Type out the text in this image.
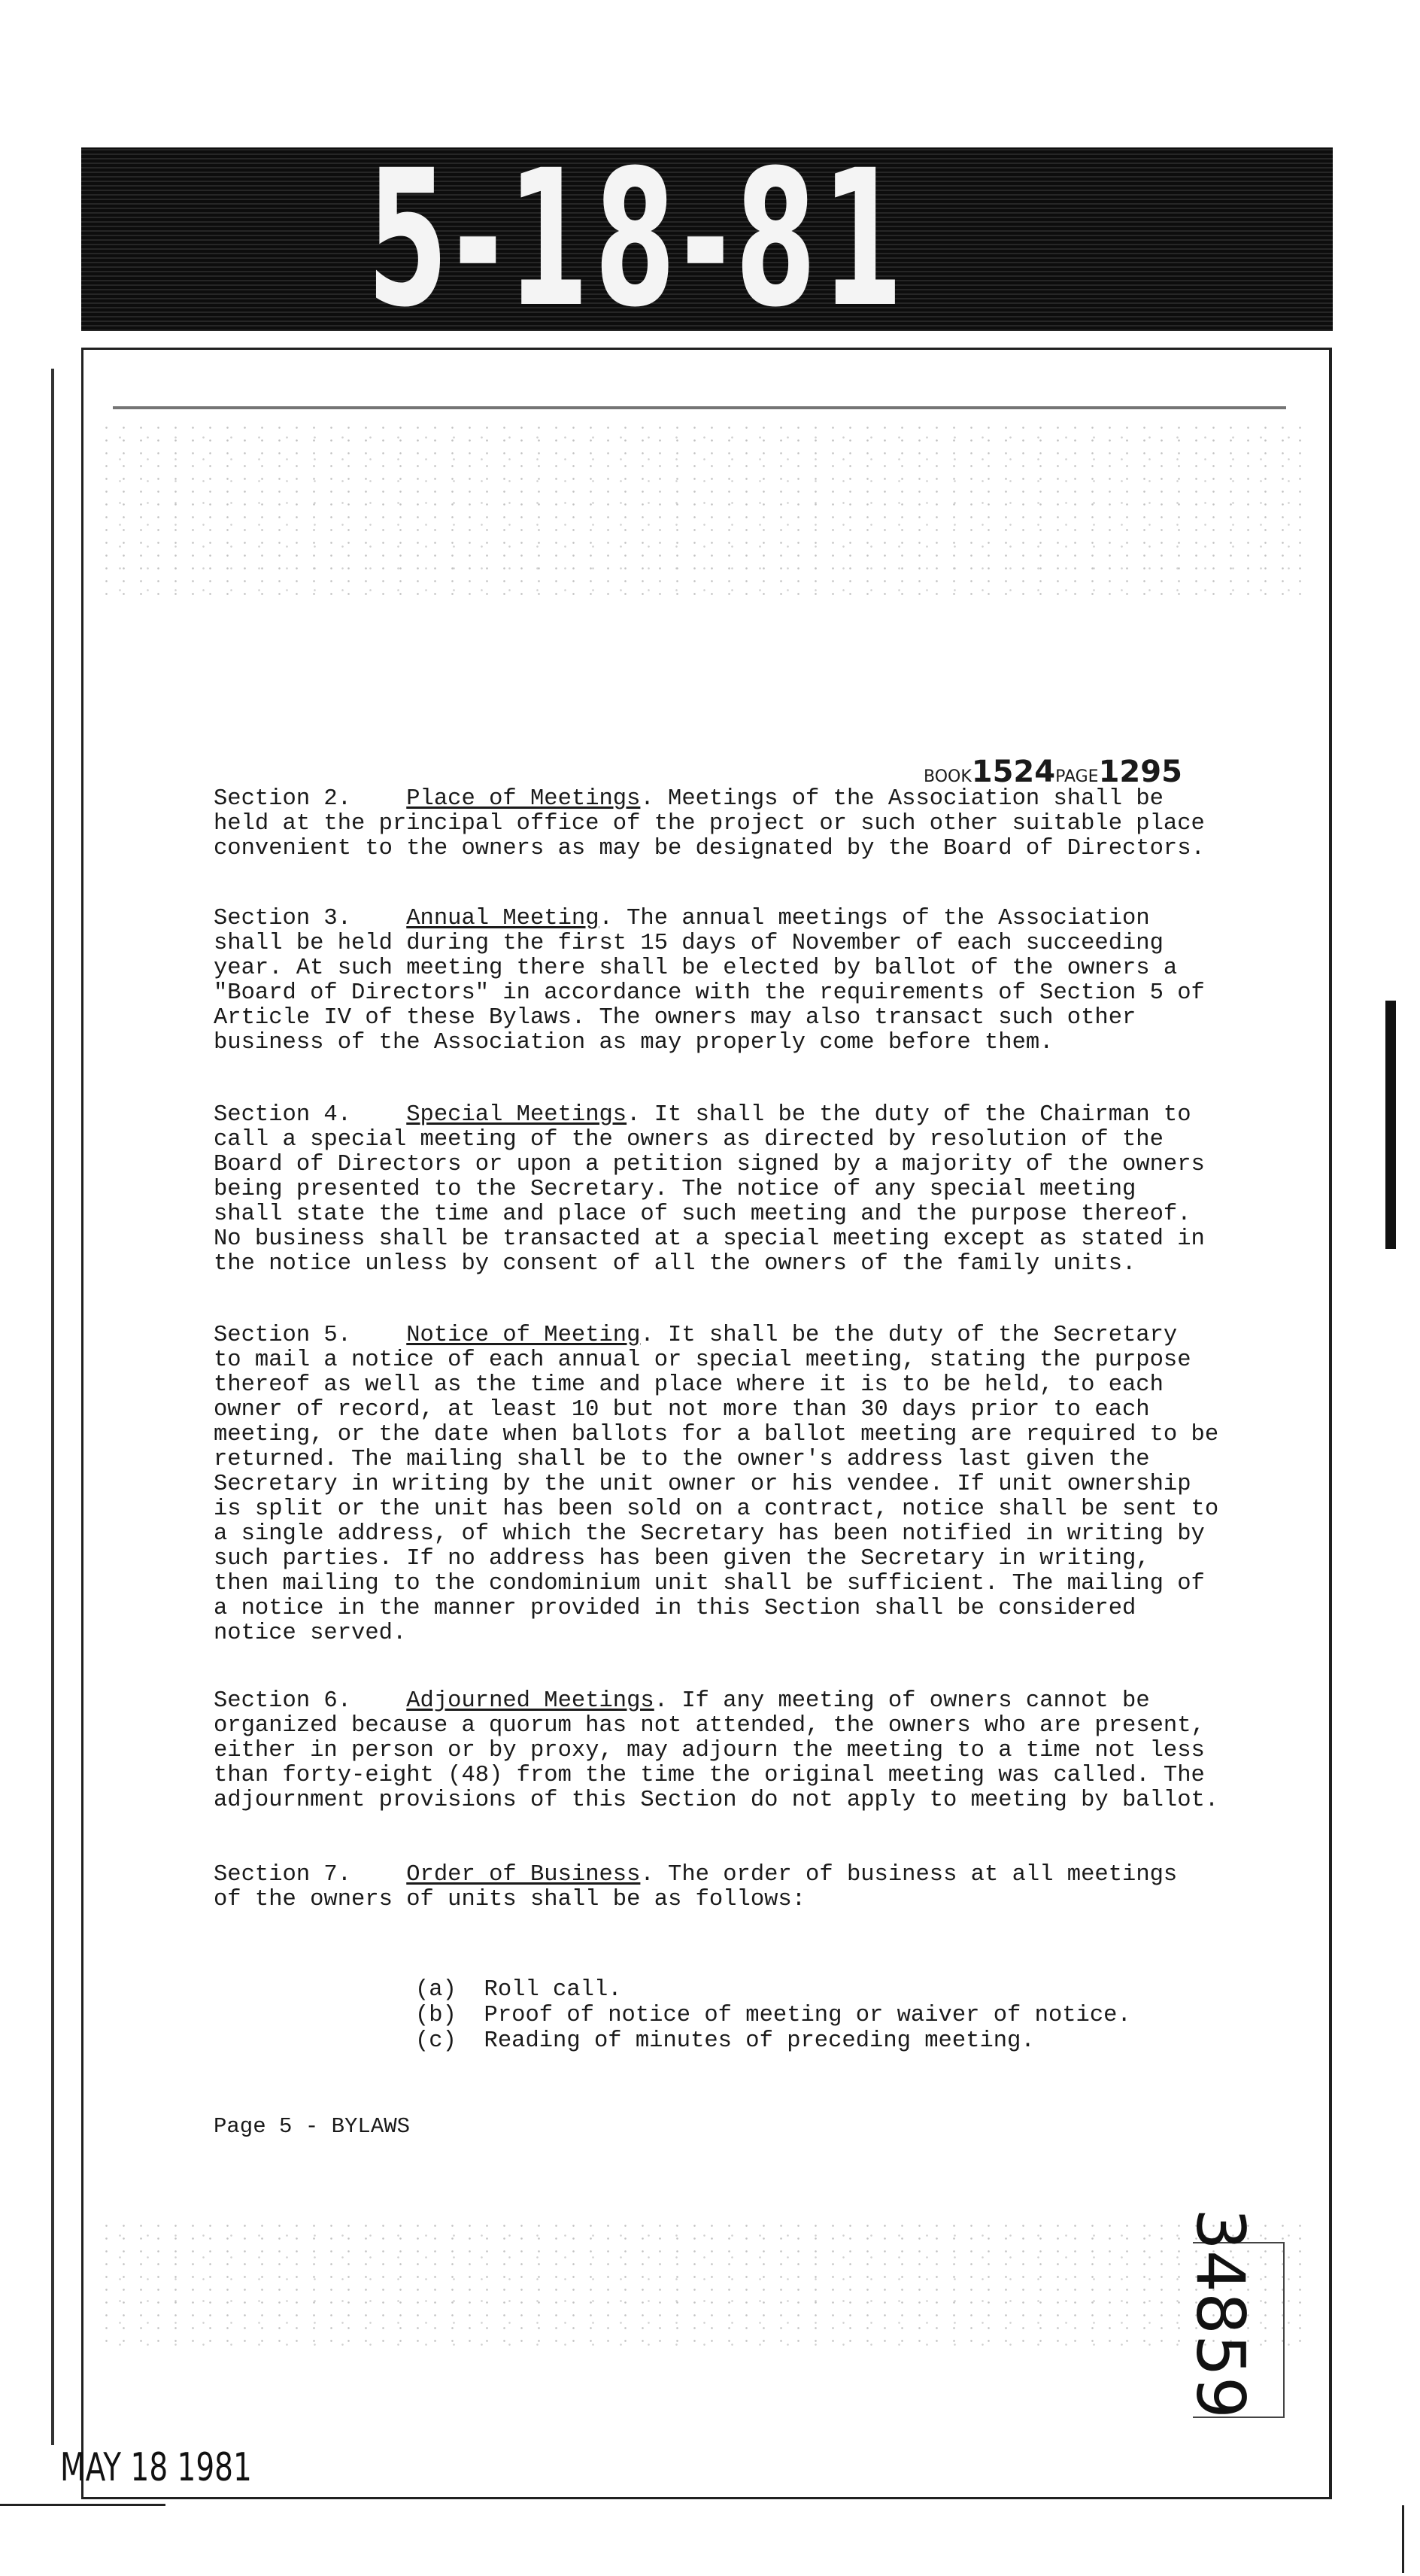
5-18-81
BOOK1524PAGE1295
Section 2. Place of Meetings. Meetings of the Association shall be
held at the principal office of the project or such other suitable place
convenient to the owners as may be designated by the Board of Directors.
Section 3. Annual Meeting. The annual meetings of the Association
shall be held during the first 15 days of November of each succeeding
year. At such meeting there shall be elected by ballot of the owners a
"Board of Directors" in accordance with the requirements of Section 5 of
Article IV of these Bylaws. The owners may also transact such other
business of the Association as may properly come before them.
Section 4. Special Meetings. It shall be the duty of the Chairman to
call a special meeting of the owners as directed by resolution of the
Board of Directors or upon a petition signed by a majority of the owners
being presented to the Secretary. The notice of any special meeting
shall state the time and place of such meeting and the purpose thereof.
No business shall be transacted at a special meeting except as stated in
the notice unless by consent of all the owners of the family units.
Section 5. Notice of Meeting. It shall be the duty of the Secretary
to mail a notice of each annual or special meeting, stating the purpose
thereof as well as the time and place where it is to be held, to each
owner of record, at least 10 but not more than 30 days prior to each
meeting, or the date when ballots for a ballot meeting are required to be
returned. The mailing shall be to the owner's address last given the
Secretary in writing by the unit owner or his vendee. If unit ownership
is split or the unit has been sold on a contract, notice shall be sent to
a single address, of which the Secretary has been notified in writing by
such parties. If no address has been given the Secretary in writing,
then mailing to the condominium unit shall be sufficient. The mailing of
a notice in the manner provided in this Section shall be considered
notice served.
Section 6. Adjourned Meetings. If any meeting of owners cannot be
organized because a quorum has not attended, the owners who are present,
either in person or by proxy, may adjourn the meeting to a time not less
than forty-eight (48) from the time the original meeting was called. The
adjournment provisions of this Section do not apply to meeting by ballot.
Section 7. Order of Business. The order of business at all meetings
of the owners of units shall be as follows:
(a) Roll call.
(b) Proof of notice of meeting or waiver of notice.
(c) Reading of minutes of preceding meeting.
Page 5 - BYLAWS
34859
MAY 18 1981
